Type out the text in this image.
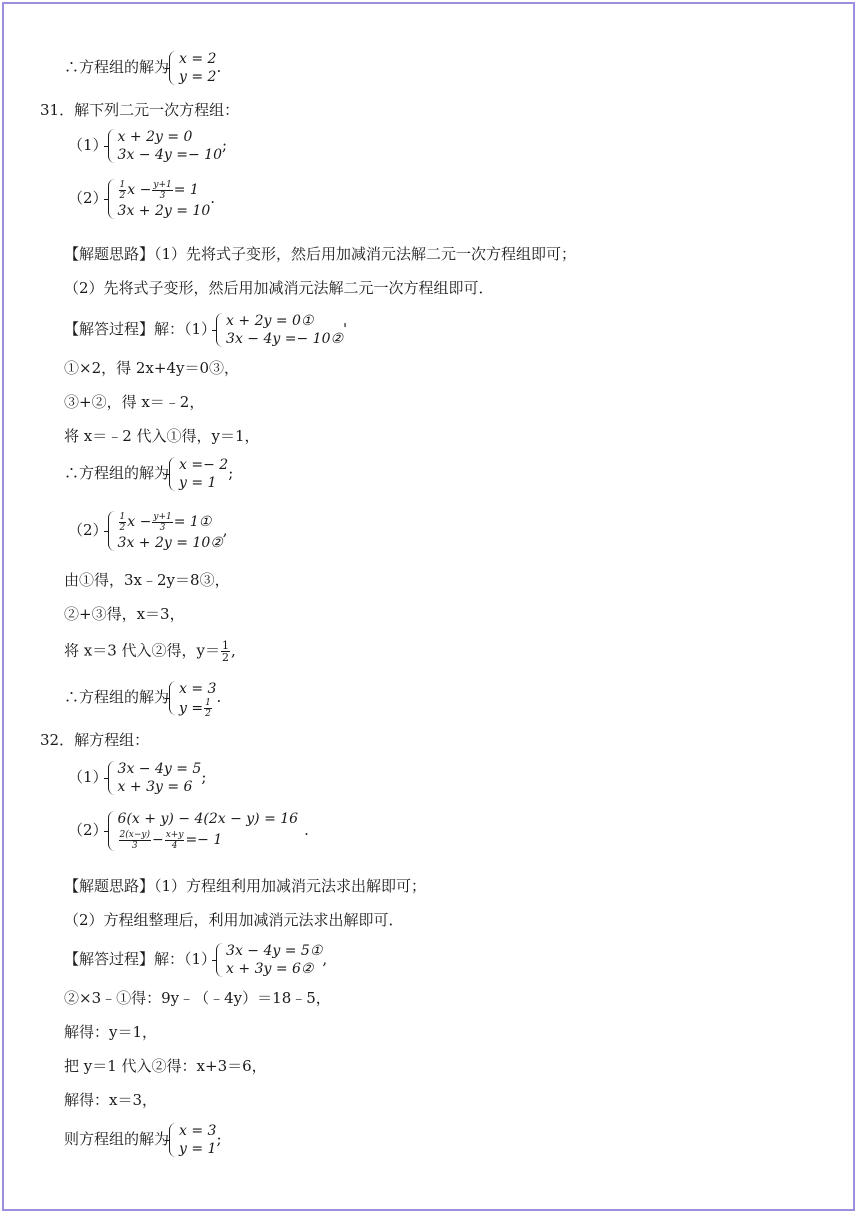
∴方程组的解为 x = 2
y = 2
.
31．解下列二元一次方程组：
（1） x + 2y = 0
3x − 4y =− 10
;
$(2) \frac{1}{2}$ $x - \frac{y+1}{3} = 1$
3x + 2y = 10
.
【解题思路】（1）先将式子变形，然后用加减消元法解二元一次方程组即可；
（2）先将式子变形，然后用加减消元法解二元一次方程组即可．
【解答过程】解：（1） x + 2y = 0①
3x − 4y =− 10②
'
①×2，得 2x+4y＝0③，
③+②，得 x＝﹣2，
将 x＝﹣2 代入①得，y＝1，
∴方程组的解为 x =− 2
y = 1
;
$(2) \frac{1}{2}$ $x - \frac{y+1}{3}$ = 1①
3x + 2y = 10②
,
由①得，3x﹣2y＝8③，
②+③得，x＝3，
将 x＝3 代入②得，$y= \frac{1}{2}$ ,
∴方程组的解为 x = 3
$y = \frac{1}{2}$
.
32．解方程组：
（1） 3x − 4y = 5
x + 3y = 6
;
（2）
6(x + y) − 4(2x − y) = 16
$\frac{2(x-y)}{3} - \frac{x+y}{4} =- 1$
.
【解题思路】（1）方程组利用加减消元法求出解即可；
（2）方程组整理后，利用加减消元法求出解即可．
【解答过程】解：（1） 3x − 4y = 5①
x + 3y = 6②
,
②×3﹣①得：9y﹣（﹣4y）＝18﹣5，
解得：y＝1，
把 y＝1 代入②得：x+3＝6，
解得：x＝3，
则方程组的解为 x = 3
y = 1
;
